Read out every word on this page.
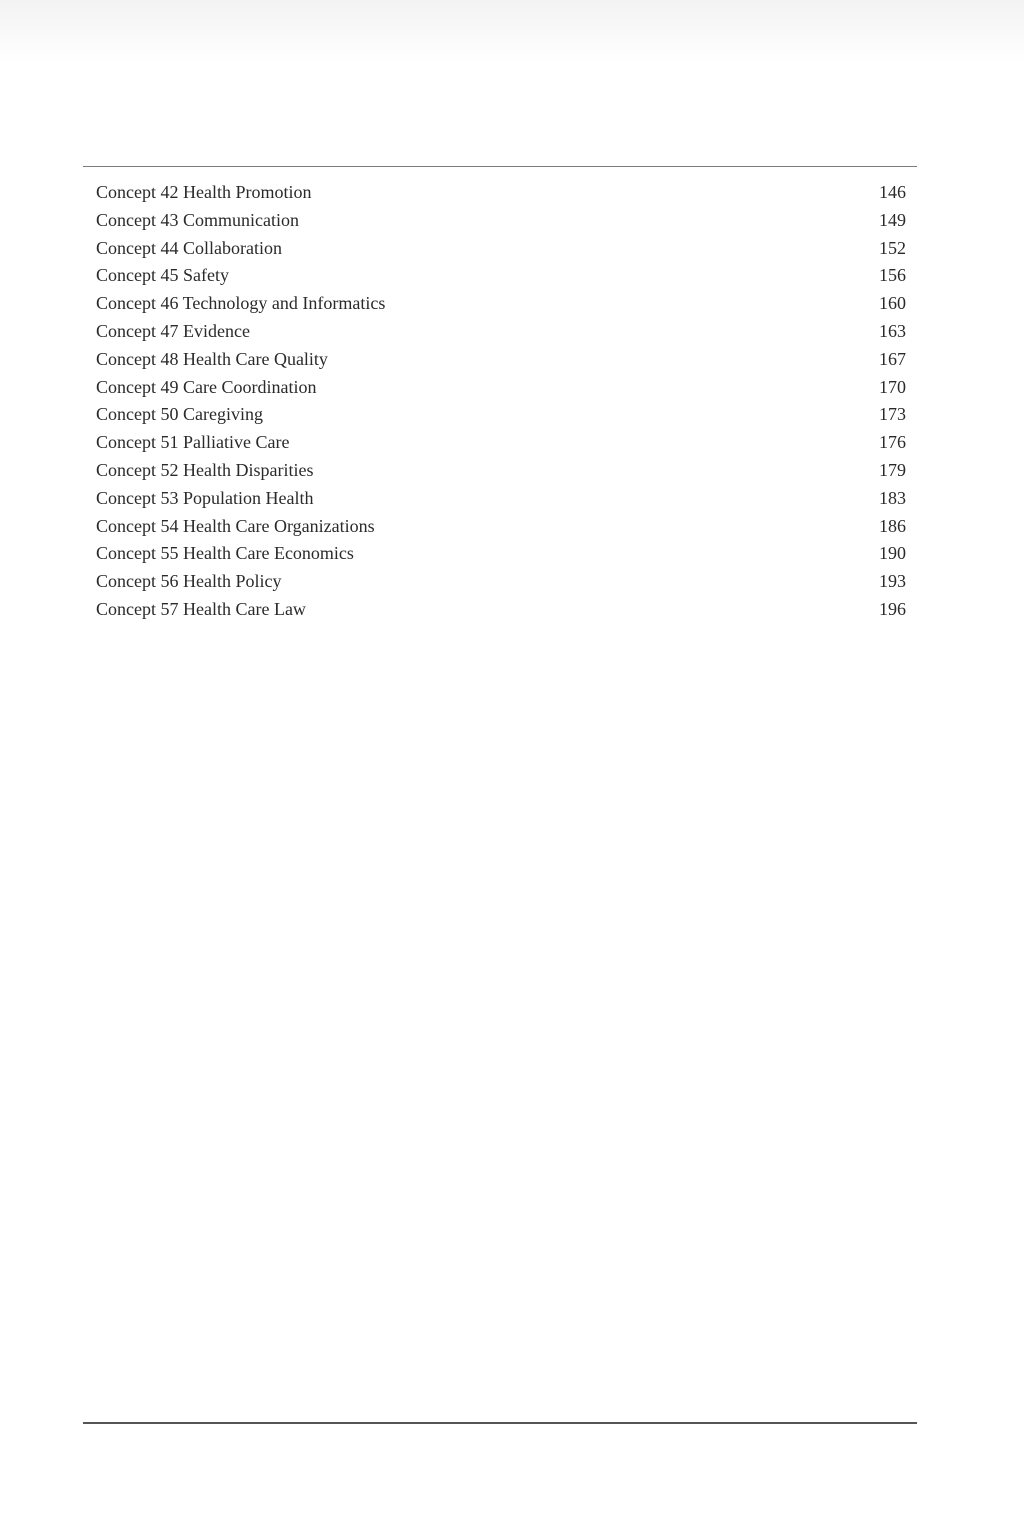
Concept 42 Health Promotion	146
Concept 43 Communication	149
Concept 44 Collaboration	152
Concept 45 Safety	156
Concept 46 Technology and Informatics	160
Concept 47 Evidence	163
Concept 48 Health Care Quality	167
Concept 49 Care Coordination	170
Concept 50 Caregiving	173
Concept 51 Palliative Care	176
Concept 52 Health Disparities	179
Concept 53 Population Health	183
Concept 54 Health Care Organizations	186
Concept 55 Health Care Economics	190
Concept 56 Health Policy	193
Concept 57 Health Care Law	196
